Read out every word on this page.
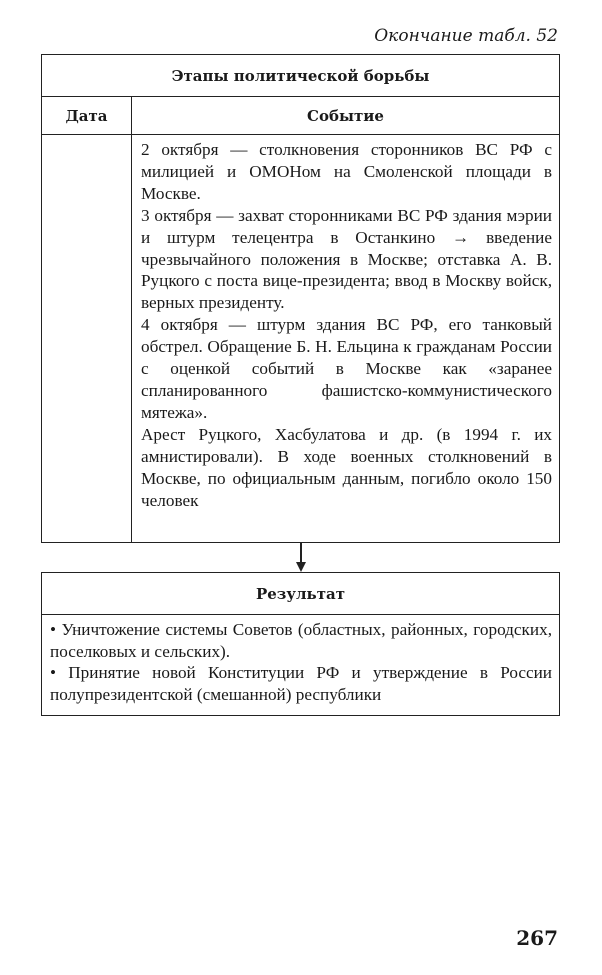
Окончание табл. 52
Этапы политической борьбы
Дата	Событие

2 октября — столкновения сторонников ВС РФ с милицией и ОМОНом на Смоленской площади в Москве.

3 октября — захват сторонниками ВС РФ здания мэрии и штурм телецентра в Останкино → введение чрезвычайного положения в Москве; отставка А. В. Руцкого с поста вице-президента; ввод в Москву войск, верных президенту.

4 октября — штурм здания ВС РФ, его танковый обстрел. Обращение Б. Н. Ельцина к гражданам России с оценкой событий в Москве как «заранее спланированного фашистско-коммунистического мятежа».

Арест Руцкого, Хасбулатова и др. (в 1994 г. их амнистировали). В ходе военных столкновений в Москве, по официальным данным, погибло около 150 человек

Результат

• Уничтожение системы Советов (областных, районных, городских, поселковых и сельских).

• Принятие новой Конституции РФ и утверждение в России полупрезидентской (смешанной) республики

267
